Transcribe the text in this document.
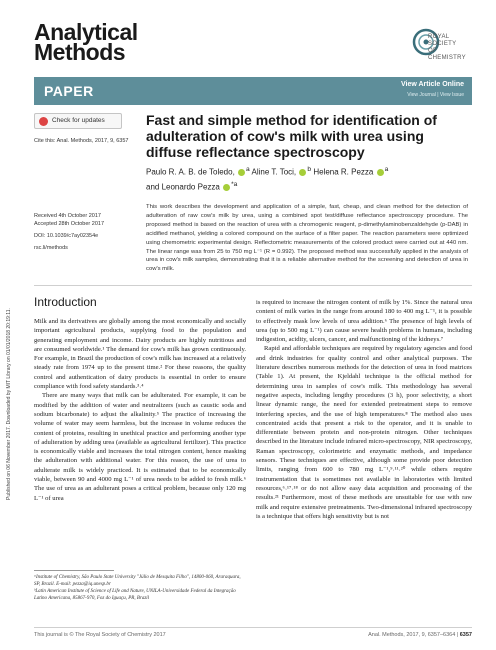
Analytical
Methods
ROYAL SOCIETY
OF CHEMISTRY
PAPER	View Article Online
View Journal | View Issue
Published on 06 November 2017. Downloaded by MIT Library on 01/01/2018 20:19:11.
Check for updates
Cite this: Anal. Methods, 2017, 9, 6357
Fast and simple method for identification of adulteration of cow's milk with urea using diffuse reflectance spectroscopy
Paulo R. A. B. de Toledo, $^a$ Aline T. Toci, $^b$ Helena R. Pezza $^a$
and Leonardo Pezza $^{*a}$
Received 4th October 2017
Accepted 28th October 2017
DOI: 10.1039/c7ay02354e
rsc.li/methods
This work describes the development and application of a simple, fast, cheap, and clean method for the detection of adulteration of raw cow's milk by urea, using a combined spot test/diffuse reflectance spectroscopy procedure. The proposed method is based on the reaction of urea with a chromogenic reagent, p-dimethylaminobenzaldehyde (p-DAB) in acidified methanol, yielding a colored compound on the surface of a filter paper. The reaction parameters were optimized using chemometric experimental design. Reflectometric measurements of the colored product were carried out at 440 nm. The linear range was from 25 to 750 mg L⁻¹ (R = 0.992). The proposed method was successfully applied in the analysis of urea in cow's milk samples, demonstrating that it is a reliable alternative method for the screening and detection of urea in cow's milk.
Introduction

Milk and its derivatives are globally among the most economically and socially important agricultural products, supplying food to the population and generating employment and income. Dairy products are highly nutritious and are consumed worldwide.¹ The demand for cow's milk has grown continuously. For example, in Brazil the production of cow's milk has increased at a relatively steady rate from 1974 up to the present time.² For these reasons, the quality control and authentication of dairy products is essential in order to ensure compliance with food safety standards.³˒⁴

There are many ways that milk can be adulterated. For example, it can be modified by the addition of water and neutralizers (such as caustic soda and sodium bicarbonate) to adjust the alkalinity.⁵ The practice of increasing the volume of water may seem harmless, but the increase in volume reduces the content of proteins, resulting in unethical practice and performing another type of adulteration by adding urea (available as agricultural fertilizer). This practice is economically viable and increases the total nitrogen content, hence masking the adulteration with additional water. For this reason, the use of urea to adulterate milk is widely practiced. It is estimated that to be economically viable, between 90 and 4000 mg L⁻¹ of urea needs to be added to fresh milk.⁶ The use of urea as an adulterant poses a critical problem, because only 120 mg L⁻¹ of urea

is required to increase the nitrogen content of milk by 1%. Since the natural urea content of milk varies in the range from around 180 to 400 mg L⁻¹, it is possible to effectively mask low levels of urea addition.⁶ The presence of high levels of urea (up to 500 mg L⁻¹) can cause severe health problems in humans, including indigestion, acidity, ulcers, cancer, and malfunctioning of the kidneys.⁷

Rapid and affordable techniques are required by regulatory agencies and food and drink industries for quality control and other analytical purposes. The literature describes numerous methods for the detection of urea in food matrices (Table 1). At present, the Kjeldahl technique is the official method for determining urea in samples of cow's milk. This methodology has several negative aspects, including lengthy procedures (3 h), poor selectivity, a short linear dynamic range, the need for extended pretreatment steps to remove interfering species, and the use of high temperatures.⁸ The method also uses concentrated acids that present a risk to the operator, and it is unable to differentiate between protein and non-protein nitrogen. Other techniques described in the literature include infrared micro-spectroscopy, NIR spectroscopy, Raman spectroscopy, colorimetric and enzymatic methods, and impedance sensors. These techniques are effective, although some provide poor detection limits, ranging from 600 to 780 mg L⁻¹,⁹˒¹¹˒²⁰ while others require instrumentation that is sometimes not available in laboratories with limited resources,⁶˒¹⁷˒¹⁸ or do not allow easy data acquisition and processing of the results.²¹ Furthermore, most of these methods are unsuitable for use with raw milk and require extensive pretreatments. Two-dimensional infrared spectroscopy is a technique that offers high sensitivity but is not

ᵃInstitute of Chemistry, São Paulo State University "Júlio de Mesquita Filho", 14800-060, Araraquara, SP, Brazil. E-mail: pezza@iq.unesp.br
ᵇLatin American Institute of Science of Life and Nature, UNILA-Universidade Federal da Integração Latino Americana, 85867-970, Foz do Iguaçu, PR, Brazil
This journal is © The Royal Society of Chemistry 2017	Anal. Methods, 2017, 9, 6357–6364 | 6357
